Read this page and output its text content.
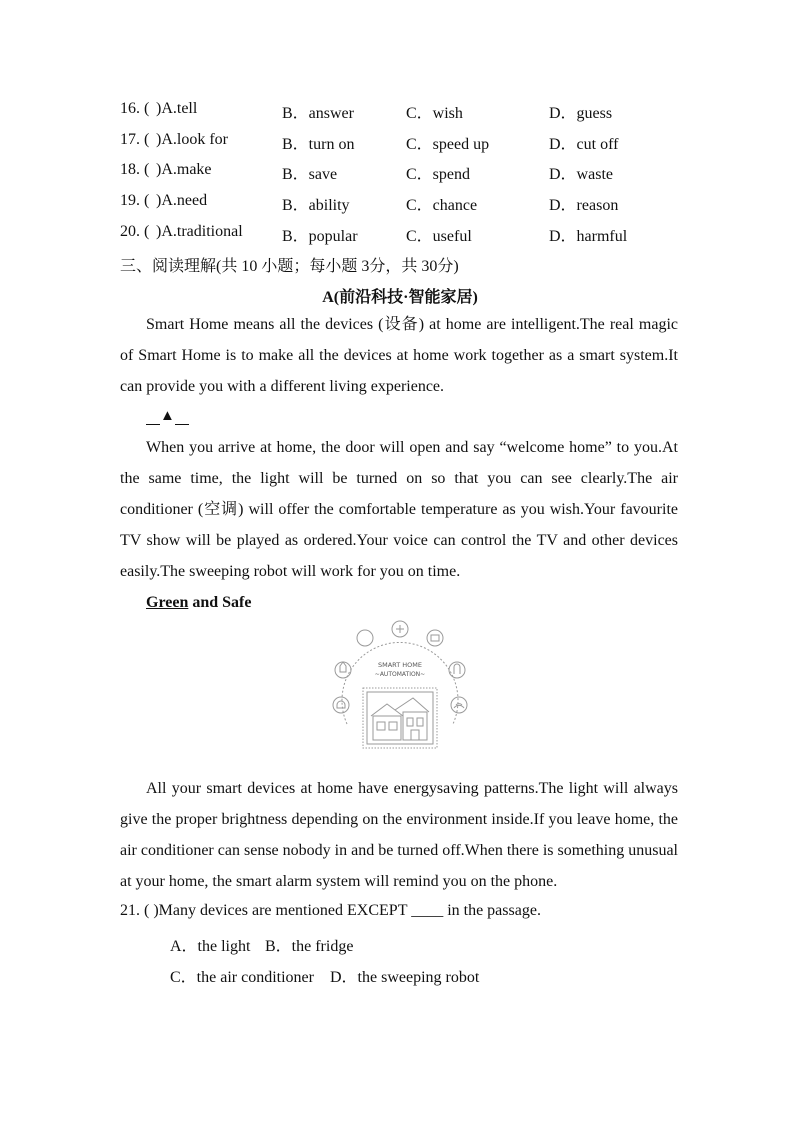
16. ( )A.tell	B．answer	C．wish	D．guess
17. ( )A.look for	B．turn on	C．speed up	D．cut off
18. ( )A.make	B．save	C．spend	D．waste
19. ( )A.need	B．ability	C．chance	D．reason
20. ( )A.traditional B．popular	C．useful	D．harmful
三、阅读理解(共 10 小题；每小题 3分，共 30分)
A(前沿科技·智能家居)
Smart Home means all the devices (设备) at home are intelligent.The real magic of Smart Home is to make all the devices at home work together as a smart system.It can provide you with a different living experience.
▲
When you arrive at home, the door will open and say “welcome home” to you.At the same time, the light will be turned on so that you can see clearly.The air conditioner (空调) will offer the comfortable temperature as you wish.Your favourite TV show will be played as ordered.Your voice can control the TV and other devices easily.The sweeping robot will work for you on time.
Green and Safe
SMART HOME
~AUTOMATION~
All your smart devices at home have energysaving patterns.The light will always give the proper brightness depending on the environment inside.If you leave home, the air conditioner can sense nobody in and be turned off.When there is something unusual at your home, the smart alarm system will remind you on the phone.
21. ( )Many devices are mentioned EXCEPT ____ in the passage.
A．the light B．the fridge
C．the air conditioner D．the sweeping robot
